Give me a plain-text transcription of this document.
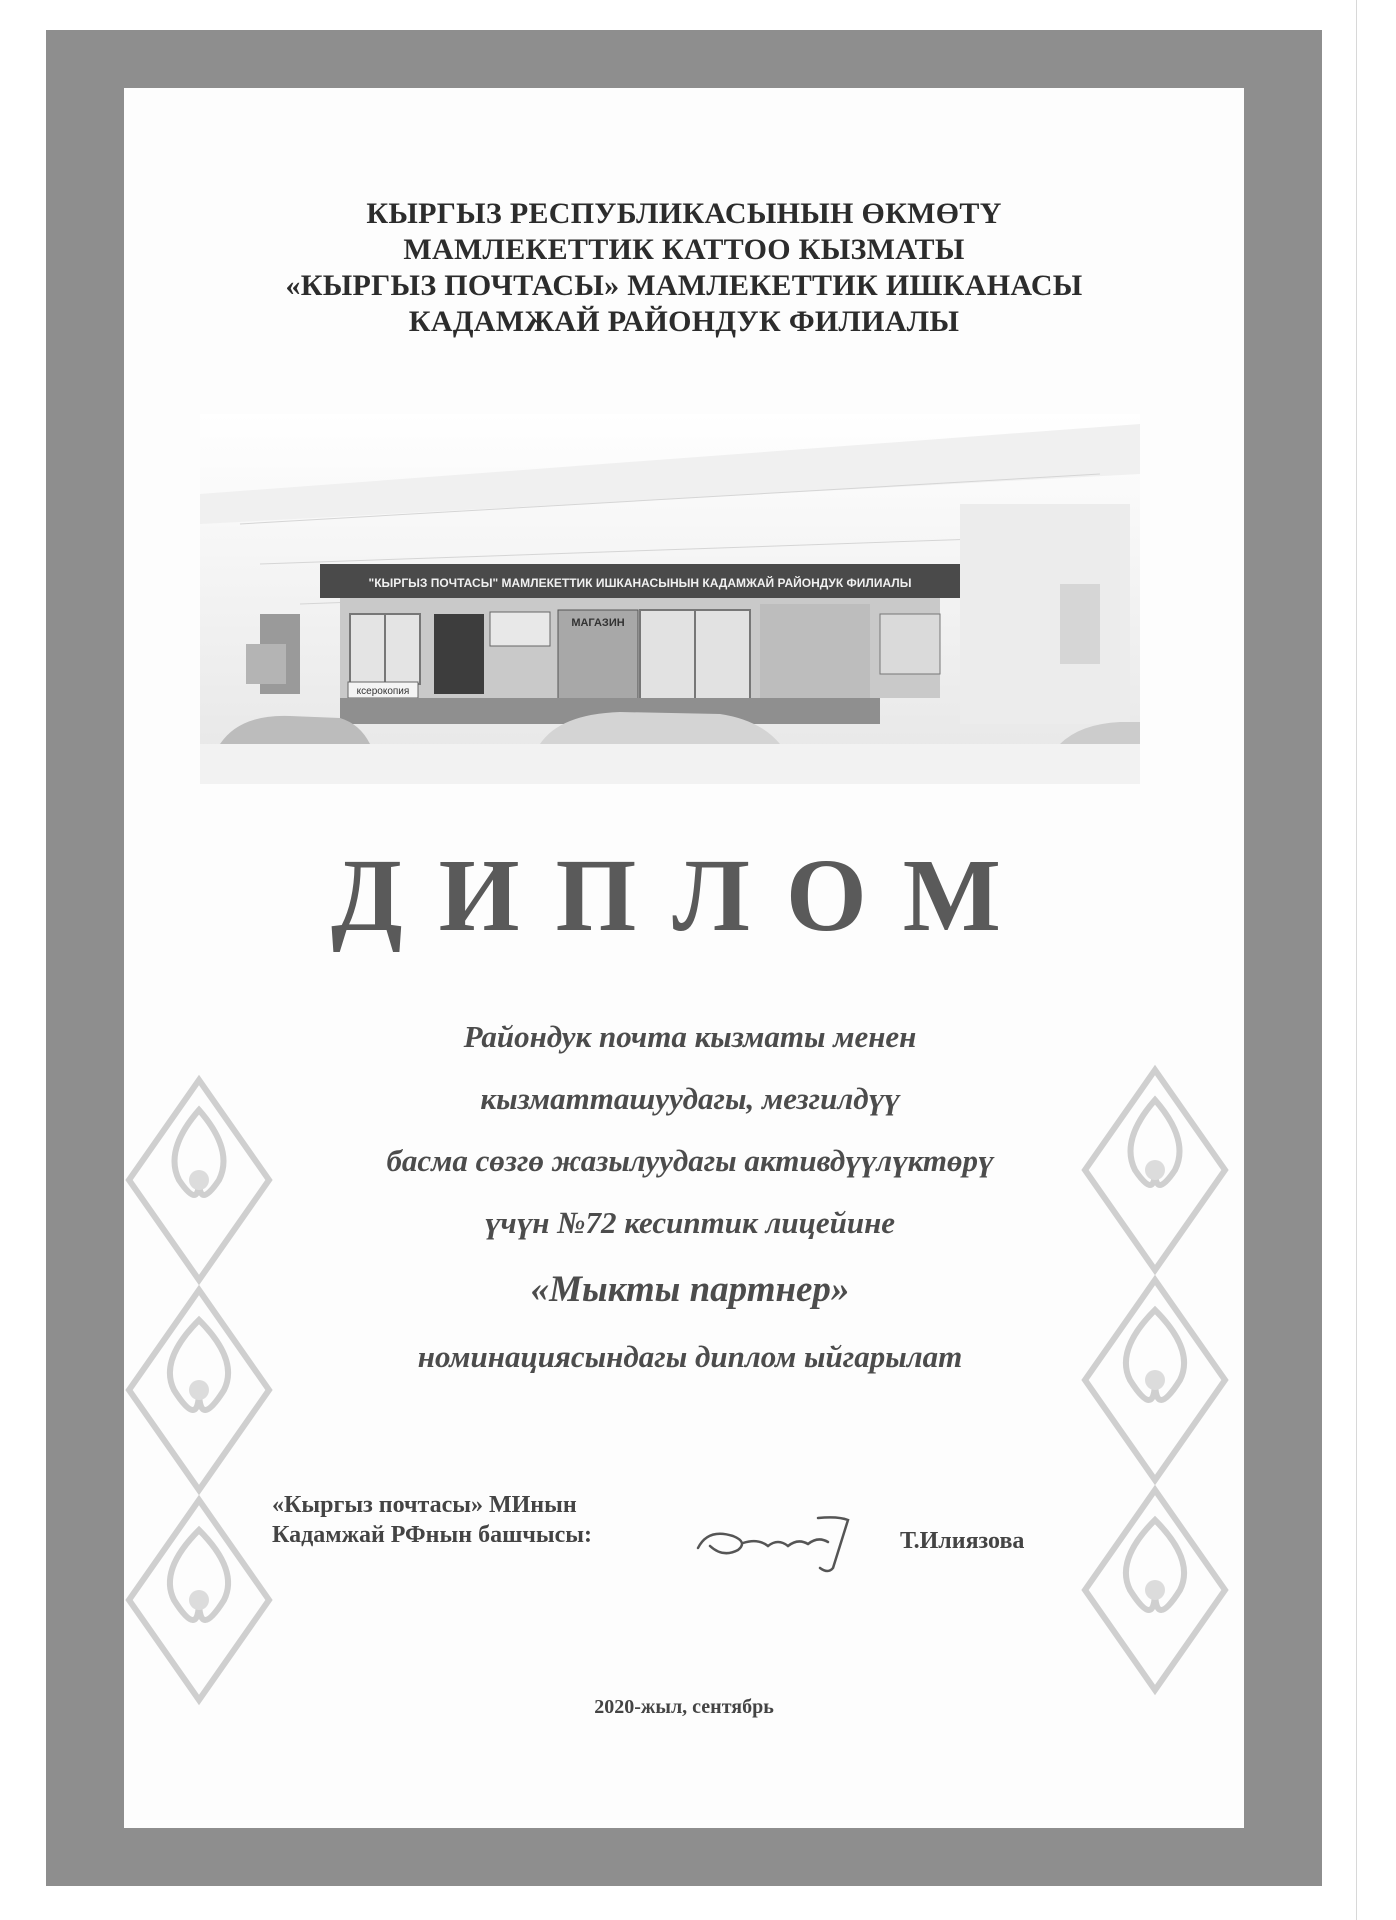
КЫРГЫЗ РЕСПУБЛИКАСЫНЫН ӨКМӨТҮ
МАМЛЕКЕТТИК КАТТОО КЫЗМАТЫ
«КЫРГЫЗ ПОЧТАСЫ» МАМЛЕКЕТТИК ИШКАНАСЫ
КАДАМЖАЙ РАЙОНДУК ФИЛИАЛЫ
"КЫРГЫЗ ПОЧТАСЫ" МАМЛЕКЕТТИК ИШКАНАСЫНЫН КАДАМЖАЙ РАЙОНДУК ФИЛИАЛЫ
МАГАЗИН
ксерокопия
ДИПЛОМ
Райондук почта кызматы менен
кызматташуудагы, мезгилдүү
басма сөзгө жазылуудагы активдүүлүктөрү
үчүн №72 кесиптик лицейине
«Мыкты партнер»
номинациясындагы диплом ыйгарылат
«Кыргыз почтасы» МИнын
Кадамжай РФнын башчысы:	Т.Илиязова
2020-жыл, сентябрь
